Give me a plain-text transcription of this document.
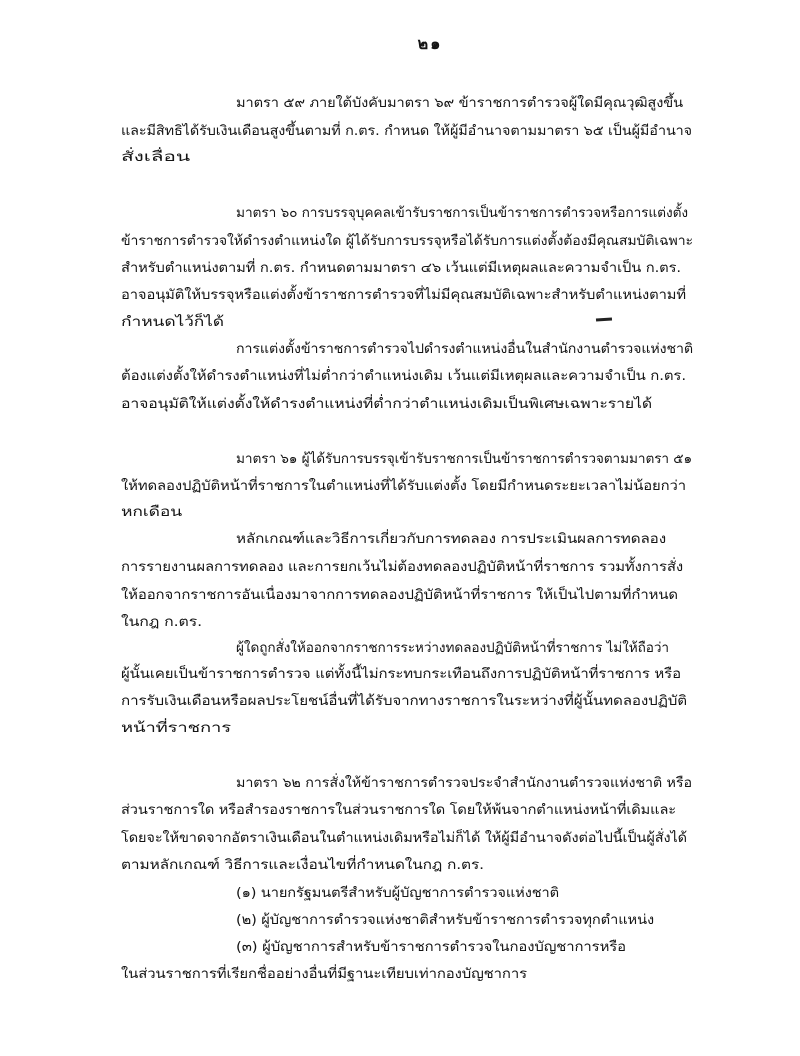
๒๑
มาตรา ๕๙ ภายใต้บังคับมาตรา ๖๙ ข้าราชการตำรวจผู้ใดมีคุณวุฒิสูงขึ้น
และมีสิทธิได้รับเงินเดือนสูงขึ้นตามที่ ก.ตร. กำหนด ให้ผู้มีอำนาจตามมาตรา ๖๕ เป็นผู้มีอำนาจ
สั่งเลื่อน
มาตรา ๖๐ การบรรจุบุคคลเข้ารับราชการเป็นข้าราชการตำรวจหรือการแต่งตั้ง
ข้าราชการตำรวจให้ดำรงตำแหน่งใด ผู้ได้รับการบรรจุหรือได้รับการแต่งตั้งต้องมีคุณสมบัติเฉพาะ
สำหรับตำแหน่งตามที่ ก.ตร. กำหนดตามมาตรา ๔๖ เว้นแต่มีเหตุผลและความจำเป็น ก.ตร.
อาจอนุมัติให้บรรจุหรือแต่งตั้งข้าราชการตำรวจที่ไม่มีคุณสมบัติเฉพาะสำหรับตำแหน่งตามที่
กำหนดไว้ก็ได้
การแต่งตั้งข้าราชการตำรวจไปดำรงตำแหน่งอื่นในสำนักงานตำรวจแห่งชาติ
ต้องแต่งตั้งให้ดำรงตำแหน่งที่ไม่ต่ำกว่าตำแหน่งเดิม เว้นแต่มีเหตุผลและความจำเป็น ก.ตร.
อาจอนุมัติให้แต่งตั้งให้ดำรงตำแหน่งที่ต่ำกว่าตำแหน่งเดิมเป็นพิเศษเฉพาะรายได้
มาตรา ๖๑ ผู้ได้รับการบรรจุเข้ารับราชการเป็นข้าราชการตำรวจตามมาตรา ๕๑
ให้ทดลองปฏิบัติหน้าที่ราชการในตำแหน่งที่ได้รับแต่งตั้ง โดยมีกำหนดระยะเวลาไม่น้อยกว่า
หกเดือน
หลักเกณฑ์และวิธีการเกี่ยวกับการทดลอง การประเมินผลการทดลอง
การรายงานผลการทดลอง และการยกเว้นไม่ต้องทดลองปฏิบัติหน้าที่ราชการ รวมทั้งการสั่ง
ให้ออกจากราชการอันเนื่องมาจากการทดลองปฏิบัติหน้าที่ราชการ ให้เป็นไปตามที่กำหนด
ในกฎ ก.ตร.
ผู้ใดถูกสั่งให้ออกจากราชการระหว่างทดลองปฏิบัติหน้าที่ราชการ ไม่ให้ถือว่า
ผู้นั้นเคยเป็นข้าราชการตำรวจ แต่ทั้งนี้ไม่กระทบกระเทือนถึงการปฏิบัติหน้าที่ราชการ หรือ
การรับเงินเดือนหรือผลประโยชน์อื่นที่ได้รับจากทางราชการในระหว่างที่ผู้นั้นทดลองปฏิบัติ
หน้าที่ราชการ
มาตรา ๖๒ การสั่งให้ข้าราชการตำรวจประจำสำนักงานตำรวจแห่งชาติ หรือ
ส่วนราชการใด หรือสำรองราชการในส่วนราชการใด โดยให้พ้นจากตำแหน่งหน้าที่เดิมและ
โดยจะให้ขาดจากอัตราเงินเดือนในตำแหน่งเดิมหรือไม่ก็ได้ ให้ผู้มีอำนาจดังต่อไปนี้เป็นผู้สั่งได้
ตามหลักเกณฑ์ วิธีการและเงื่อนไขที่กำหนดในกฎ ก.ตร.
(๑) นายกรัฐมนตรีสำหรับผู้บัญชาการตำรวจแห่งชาติ
(๒) ผู้บัญชาการตำรวจแห่งชาติสำหรับข้าราชการตำรวจทุกตำแหน่ง
(๓) ผู้บัญชาการสำหรับข้าราชการตำรวจในกองบัญชาการหรือ
ในส่วนราชการที่เรียกชื่ออย่างอื่นที่มีฐานะเทียบเท่ากองบัญชาการ
